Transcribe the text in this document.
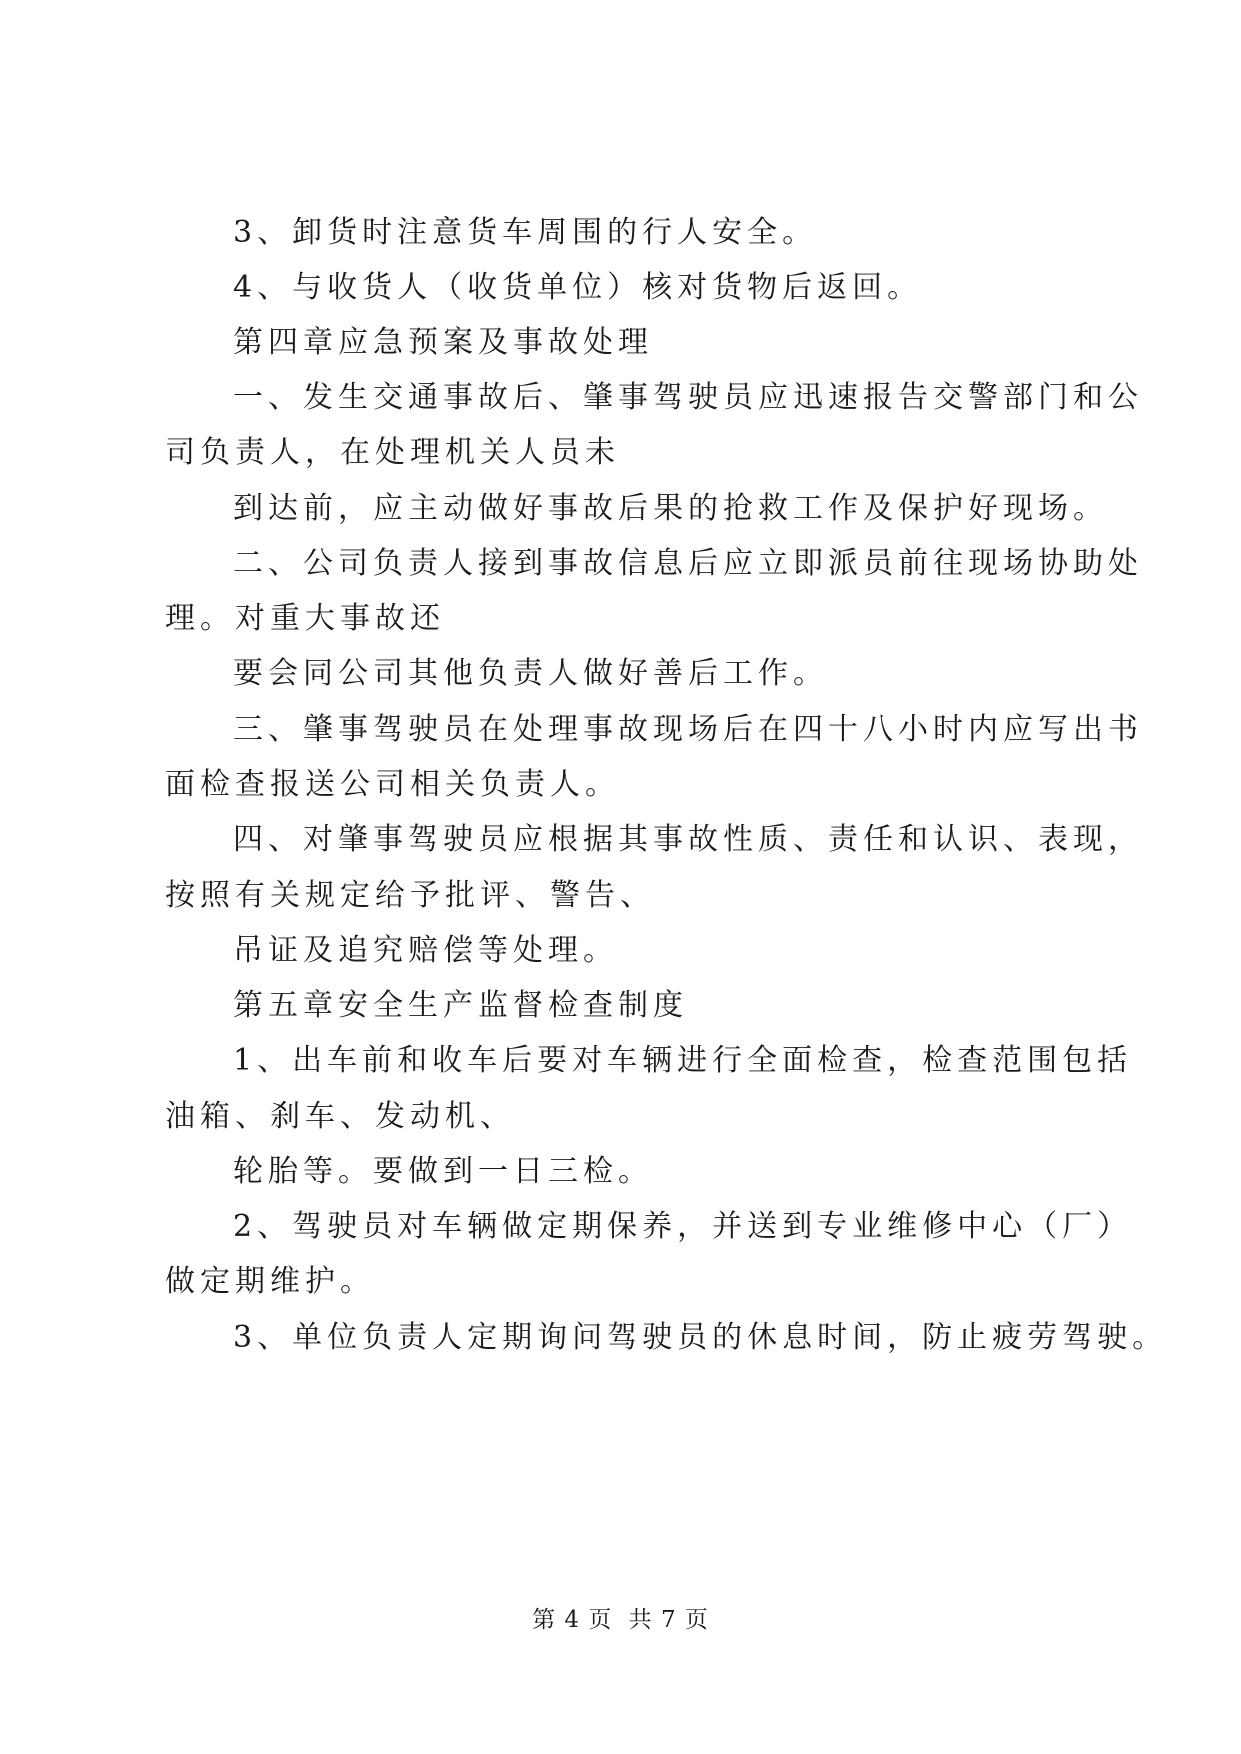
3、卸货时注意货车周围的行人安全。
4、与收货人（收货单位）核对货物后返回。
第四章应急预案及事故处理
一、发生交通事故后、肇事驾驶员应迅速报告交警部门和公
司负责人，在处理机关人员未
到达前，应主动做好事故后果的抢救工作及保护好现场。
二、公司负责人接到事故信息后应立即派员前往现场协助处
理。对重大事故还
要会同公司其他负责人做好善后工作。
三、肇事驾驶员在处理事故现场后在四十八小时内应写出书
面检查报送公司相关负责人。
四、对肇事驾驶员应根据其事故性质、责任和认识、表现，
按照有关规定给予批评、警告、
吊证及追究赔偿等处理。
第五章安全生产监督检查制度
1、出车前和收车后要对车辆进行全面检查，检查范围包括
油箱、刹车、发动机、
轮胎等。要做到一日三检。
2、驾驶员对车辆做定期保养，并送到专业维修中心（厂）
做定期维护。
3、单位负责人定期询问驾驶员的休息时间，防止疲劳驾驶。
第 4 页 共 7 页
